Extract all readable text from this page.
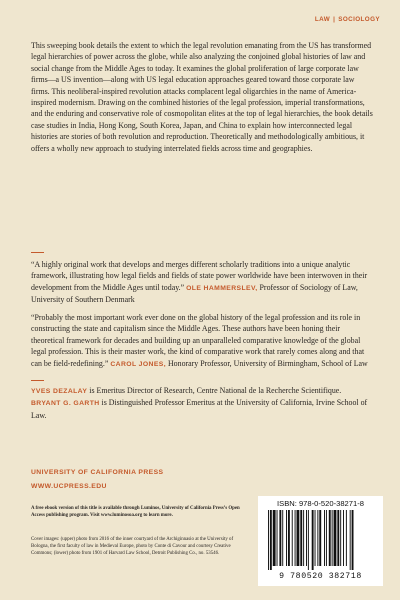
LAW | SOCIOLOGY

This sweeping book details the extent to which the legal revolution emanating from the US has transformed legal hierarchies of power across the globe, while also analyzing the conjoined global histories of law and social change from the Middle Ages to today. It examines the global proliferation of large corporate law firms—a US invention—along with US legal education approaches geared toward those corporate law firms. This neoliberal-inspired revolution attacks complacent legal oligarchies in the name of America-inspired modernism. Drawing on the combined histories of the legal profession, imperial transformations, and the enduring and conservative role of cosmopolitan elites at the top of legal hierarchies, the book details case studies in India, Hong Kong, South Korea, Japan, and China to explain how interconnected legal histories are stories of both revolution and reproduction. Theoretically and methodologically ambitious, it offers a wholly new approach to studying interrelated fields across time and geographies.

“A highly original work that develops and merges different scholarly traditions into a unique analytic framework, illustrating how legal fields and fields of state power worldwide have been interwoven in their development from the Middle Ages until today.” OLE HAMMERSLEV, Professor of Sociology of Law, University of Southern Denmark

“Probably the most important work ever done on the global history of the legal profession and its role in constructing the state and capitalism since the Middle Ages. These authors have been honing their theoretical framework for decades and building up an unparalleled comparative knowledge of the global legal profession. This is their master work, the kind of comparative work that rarely comes along and that can be field-redefining.” CAROL JONES, Honorary Professor, University of Birmingham, School of Law

YVES DEZALAY is Emeritus Director of Research, Centre National de la Recherche Scientifique.

BRYANT G. GARTH is Distinguished Professor Emeritus at the University of California, Irvine School of Law.

UNIVERSITY OF CALIFORNIA PRESS
WWW.UCPRESS.EDU

A free ebook version of this title is available through Luminos, University of California Press’s Open Access publishing program. Visit www.luminosoa.org to learn more.

Cover images: (upper) photo from 2016 of the inner courtyard of the Archiginnasio at the University of Bologna, the first faculty of law in Medieval Europe, photo by Conte di Cavour and courtesy Creative Commons; (lower) photo from 1901 of Harvard Law School, Detroit Publishing Co., no. 53546.

ISBN: 978-0-520-38271-8
9 780520 382718
